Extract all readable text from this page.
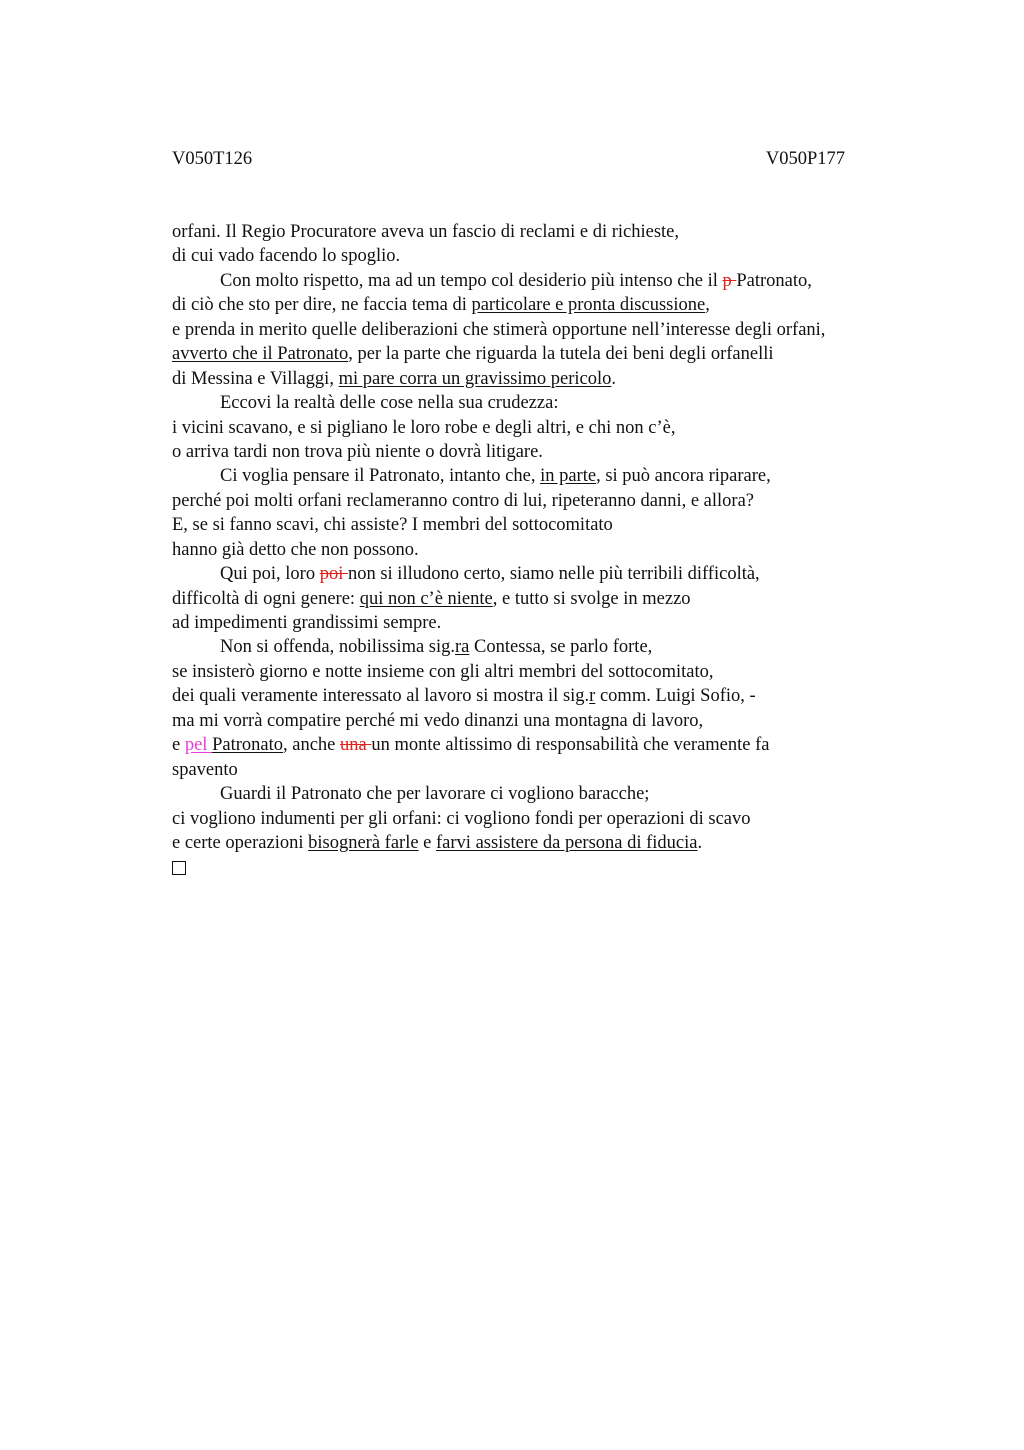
V050T126	V050P177
orfani. Il Regio Procuratore aveva un fascio di reclami e di richieste,
di cui vado facendo lo spoglio.
Con molto rispetto, ma ad un tempo col desiderio più intenso che il p Patronato,
di ciò che sto per dire, ne faccia tema di particolare e pronta discussione,
e prenda in merito quelle deliberazioni che stimerà opportune nell’interesse degli orfani,
avverto che il Patronato, per la parte che riguarda la tutela dei beni degli orfanelli
di Messina e Villaggi, mi pare corra un gravissimo pericolo.
Eccovi la realtà delle cose nella sua crudezza:
i vicini scavano, e si pigliano le loro robe e degli altri, e chi non c’è,
o arriva tardi non trova più niente o dovrà litigare.
Ci voglia pensare il Patronato, intanto che, in parte, si può ancora riparare,
perché poi molti orfani reclameranno contro di lui, ripeteranno danni, e allora?
E, se si fanno scavi, chi assiste? I membri del sottocomitato
hanno già detto che non possono.
Qui poi, loro poi non si illudono certo, siamo nelle più terribili difficoltà,
difficoltà di ogni genere: qui non c’è niente, e tutto si svolge in mezzo
ad impedimenti grandissimi sempre.
Non si offenda, nobilissima sig.ra Contessa, se parlo forte,
se insisterò giorno e notte insieme con gli altri membri del sottocomitato,
dei quali veramente interessato al lavoro si mostra il sig.r comm. Luigi Sofio, -
ma mi vorrà compatire perché mi vedo dinanzi una montagna di lavoro,
e pel Patronato, anche una un monte altissimo di responsabilità che veramente fa
spavento
Guardi il Patronato che per lavorare ci vogliono baracche;
ci vogliono indumenti per gli orfani: ci vogliono fondi per operazioni di scavo
e certe operazioni bisognerà farle e farvi assistere da persona di fiducia.
